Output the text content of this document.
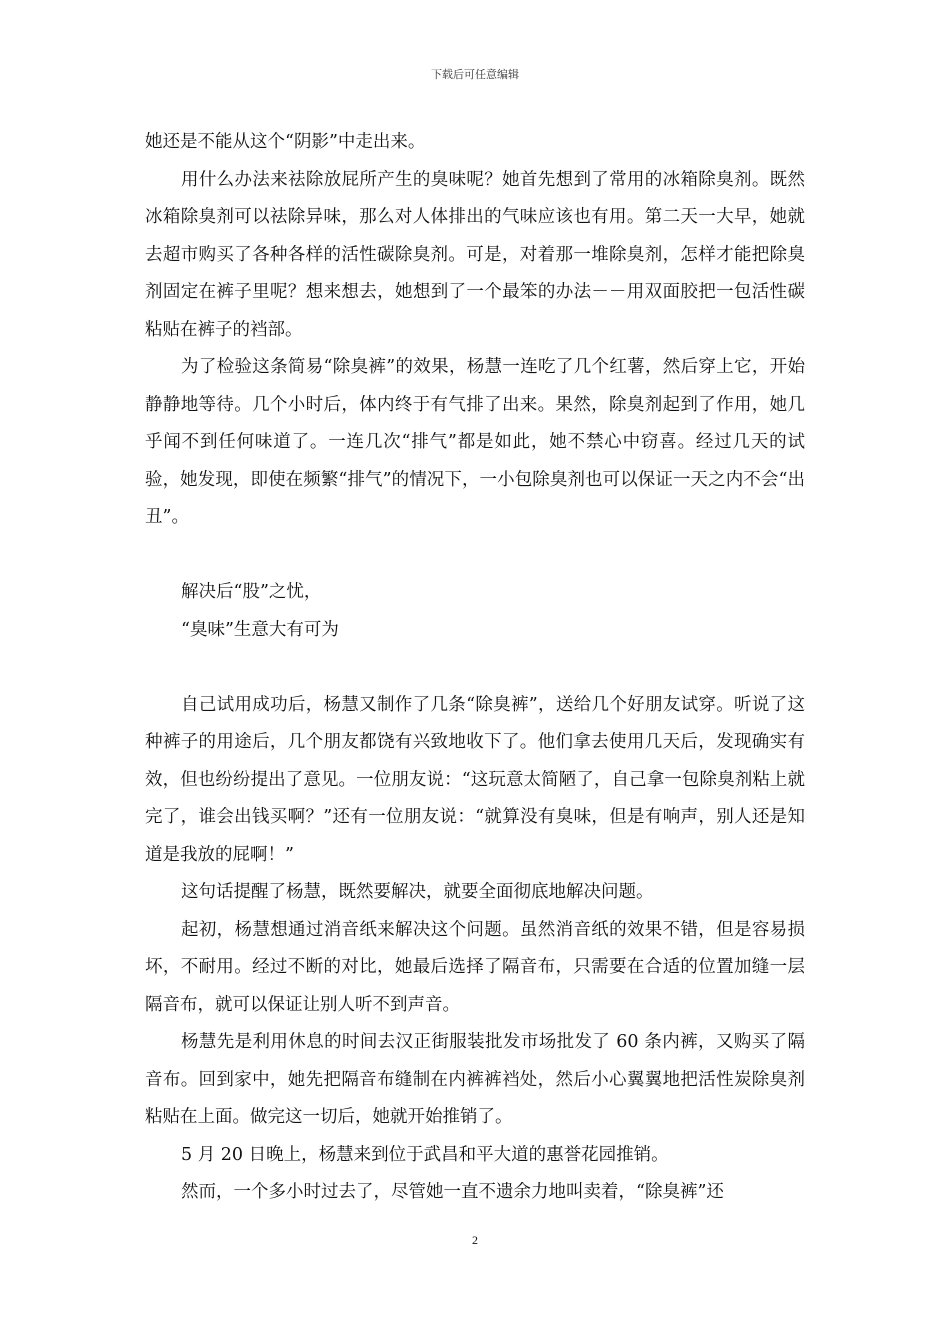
下载后可任意编辑

她还是不能从这个“阴影”中走出来。

用什么办法来祛除放屁所产生的臭味呢？她首先想到了常用的冰箱除臭剂。既然冰箱除臭剂可以祛除异味，那么对人体排出的气味应该也有用。第二天一大早，她就去超市购买了各种各样的活性碳除臭剂。可是，对着那一堆除臭剂，怎样才能把除臭剂固定在裤子里呢？想来想去，她想到了一个最笨的办法－－用双面胶把一包活性碳粘贴在裤子的裆部。

为了检验这条简易“除臭裤”的效果，杨慧一连吃了几个红薯，然后穿上它，开始静静地等待。几个小时后，体内终于有气排了出来。果然，除臭剂起到了作用，她几乎闻不到任何味道了。一连几次“排气”都是如此，她不禁心中窃喜。经过几天的试验，她发现，即使在频繁“排气”的情况下，一小包除臭剂也可以保证一天之内不会“出丑”。

解决后“股”之忧，

“臭味”生意大有可为

自己试用成功后，杨慧又制作了几条“除臭裤”，送给几个好朋友试穿。听说了这种裤子的用途后，几个朋友都饶有兴致地收下了。他们拿去使用几天后，发现确实有效，但也纷纷提出了意见。一位朋友说：“这玩意太简陋了，自己拿一包除臭剂粘上就完了，谁会出钱买啊？”还有一位朋友说：“就算没有臭味，但是有响声，别人还是知道是我放的屁啊！”

这句话提醒了杨慧，既然要解决，就要全面彻底地解决问题。

起初，杨慧想通过消音纸来解决这个问题。虽然消音纸的效果不错，但是容易损坏，不耐用。经过不断的对比，她最后选择了隔音布，只需要在合适的位置加缝一层隔音布，就可以保证让别人听不到声音。

杨慧先是利用休息的时间去汉正街服装批发市场批发了 60 条内裤，又购买了隔音布。回到家中，她先把隔音布缝制在内裤裤裆处，然后小心翼翼地把活性炭除臭剂粘贴在上面。做完这一切后，她就开始推销了。

5 月 20 日晚上，杨慧来到位于武昌和平大道的惠誉花园推销。

然而，一个多小时过去了，尽管她一直不遗余力地叫卖着，“除臭裤”还

2
